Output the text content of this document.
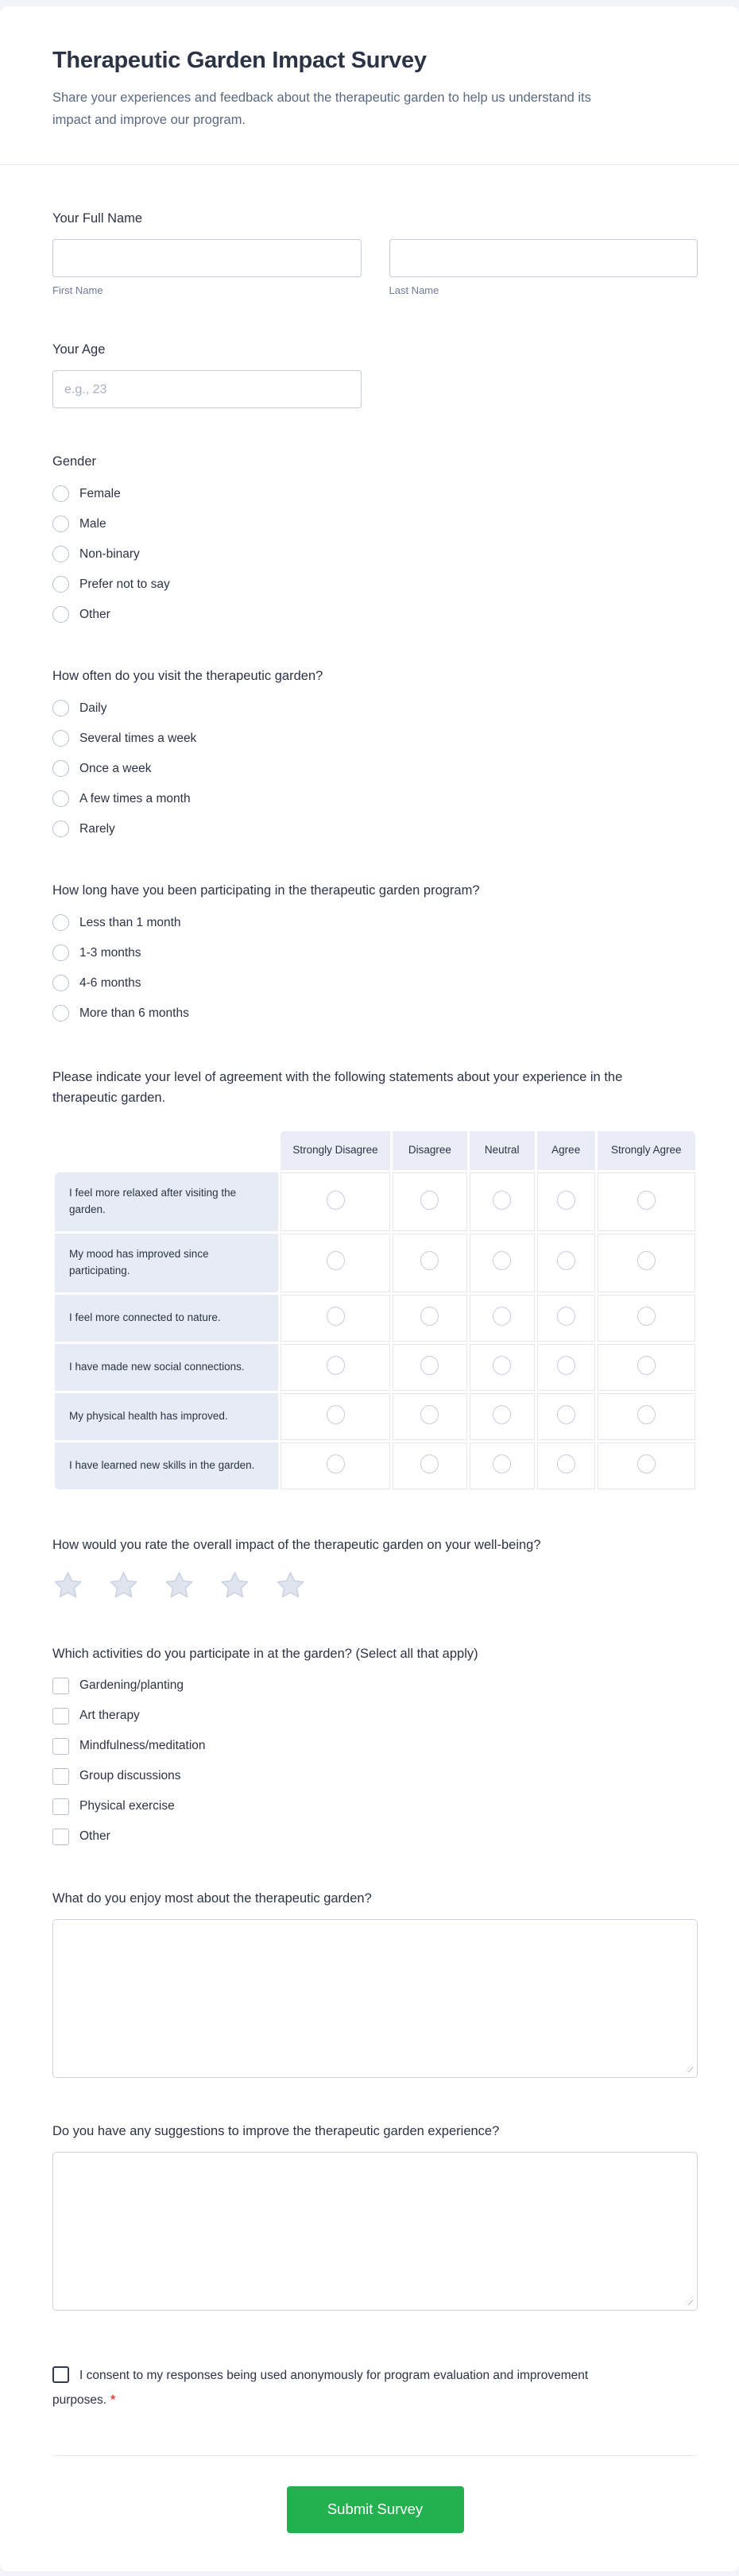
Therapeutic Garden Impact Survey

Share your experiences and feedback about the therapeutic garden to help us understand its impact and improve our program.

Your Full Name
First Name	Last Name
Your Age
e.g., 23
Gender
Female
Male
Non-binary
Prefer not to say
Other
How often do you visit the therapeutic garden?
Daily
Several times a week
Once a week
A few times a month
Rarely
How long have you been participating in the therapeutic garden program?
Less than 1 month
1-3 months
4-6 months
More than 6 months
Please indicate your level of agreement with the following statements about your experience in the therapeutic garden.
	Strongly Disagree	Disagree	Neutral	Agree	Strongly Agree
I feel more relaxed after visiting the garden.					
My mood has improved since participating.					
I feel more connected to nature.					
I have made new social connections.					
My physical health has improved.					
I have learned new skills in the garden.					
How would you rate the overall impact of the therapeutic garden on your well-being?
Which activities do you participate in at the garden? (Select all that apply)
Gardening/planting
Art therapy
Mindfulness/meditation
Group discussions
Physical exercise
Other
What do you enjoy most about the therapeutic garden?
Do you have any suggestions to improve the therapeutic garden experience?

I consent to my responses being used anonymously for program evaluation and improvement purposes. *

Submit Survey
